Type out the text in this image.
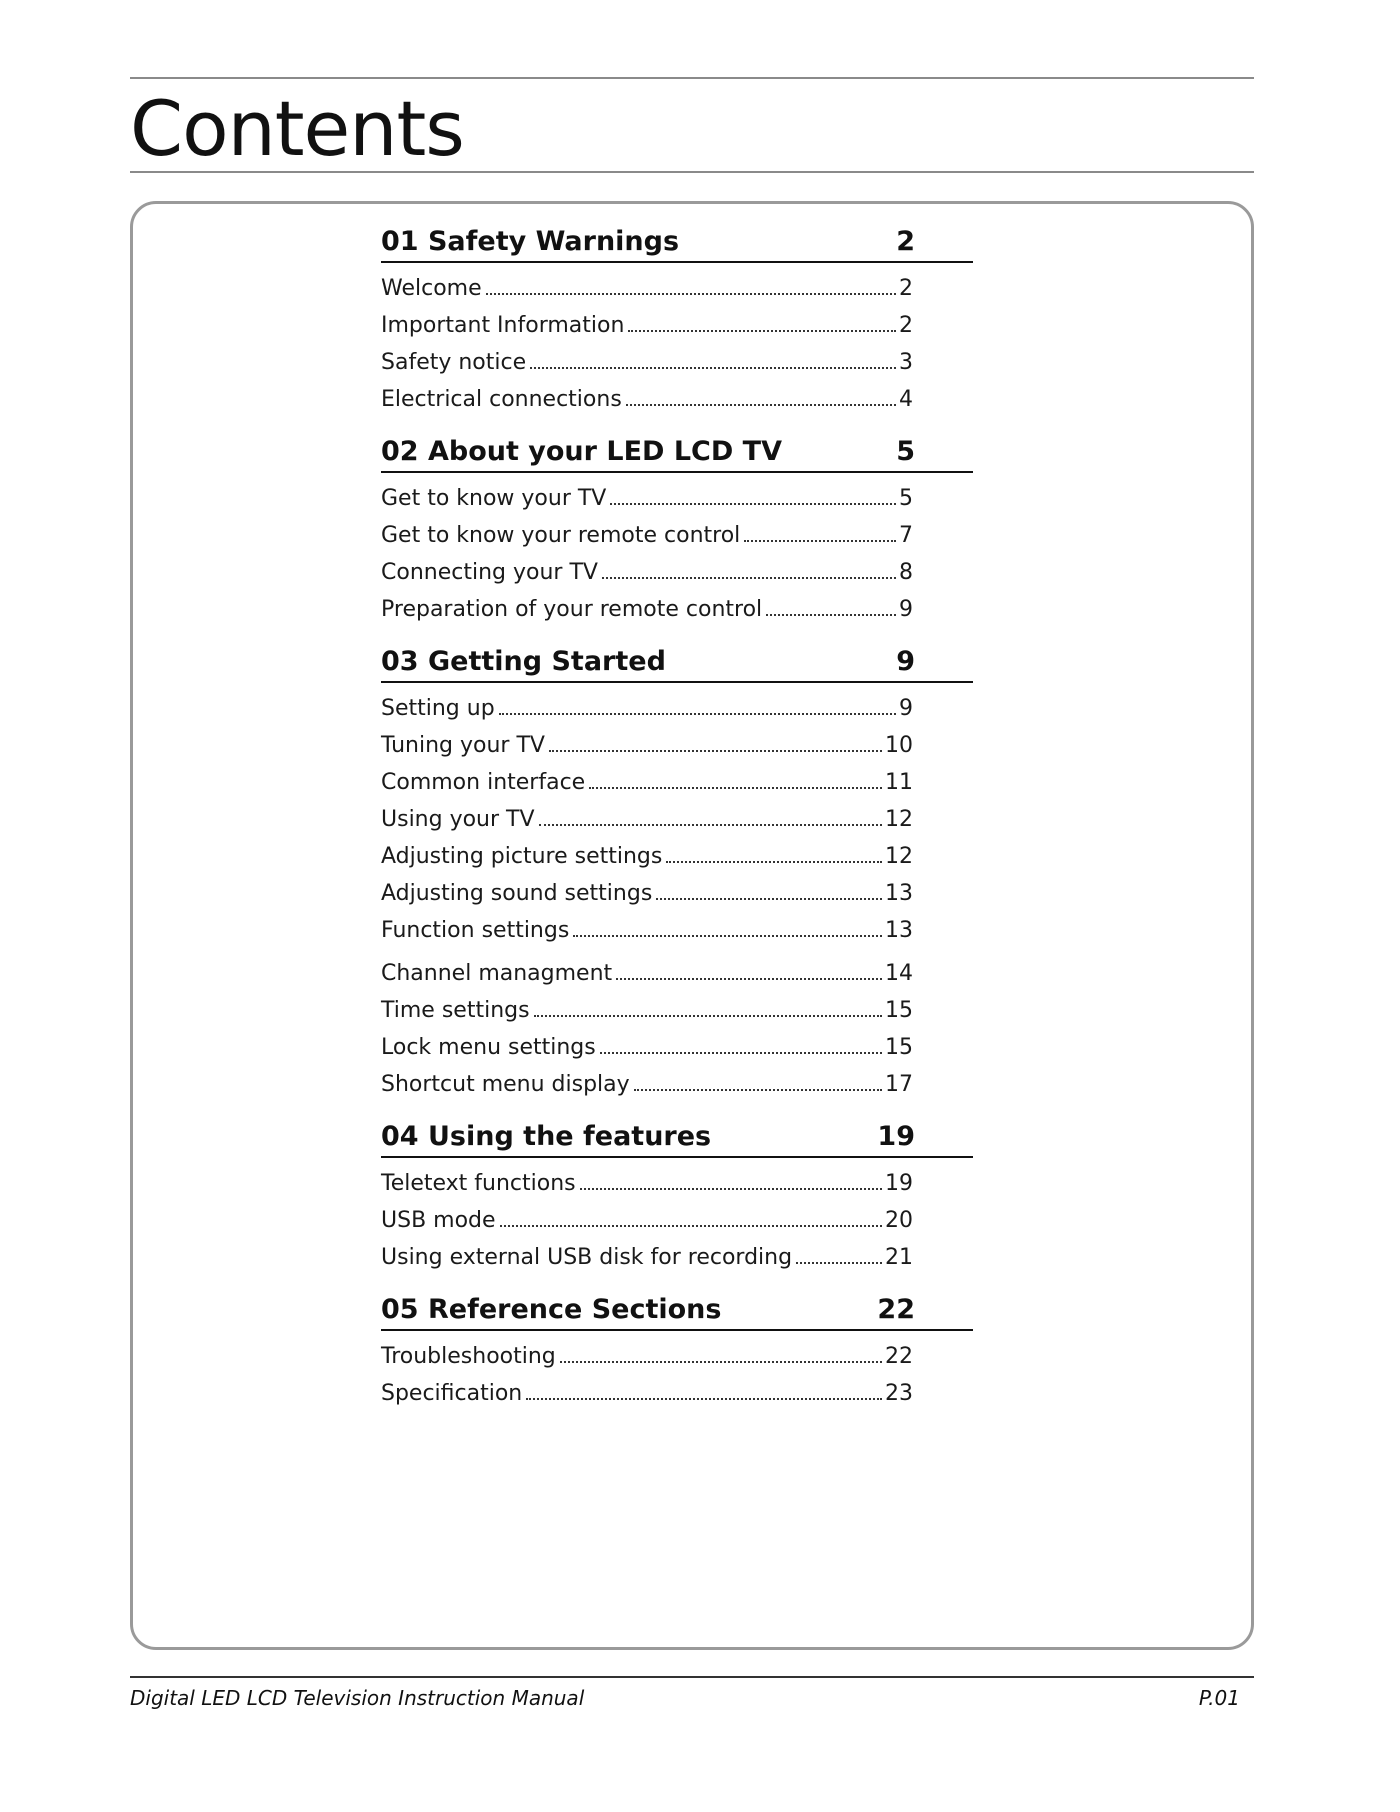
Contents
01 Safety Warnings	2
Welcome	2
Important Information	2
Safety notice	3
Electrical connections	4
02 About your LED LCD TV	5
Get to know your TV	5
Get to know your remote control	7
Connecting your TV	8
Preparation of your remote control	9
03 Getting Started	9
Setting up	9
Tuning your TV	10
Common interface	11
Using your TV	12
Adjusting picture settings	12
Adjusting sound settings	13
Function settings	13
Channel managment	14
Time settings	15
Lock menu settings	15
Shortcut menu display	17
04 Using the features	19
Teletext functions	19
USB mode	20
Using external USB disk for recording	21
05 Reference Sections	22
Troubleshooting	22
Specification	23
Digital LED LCD Television Instruction Manual	P.01
